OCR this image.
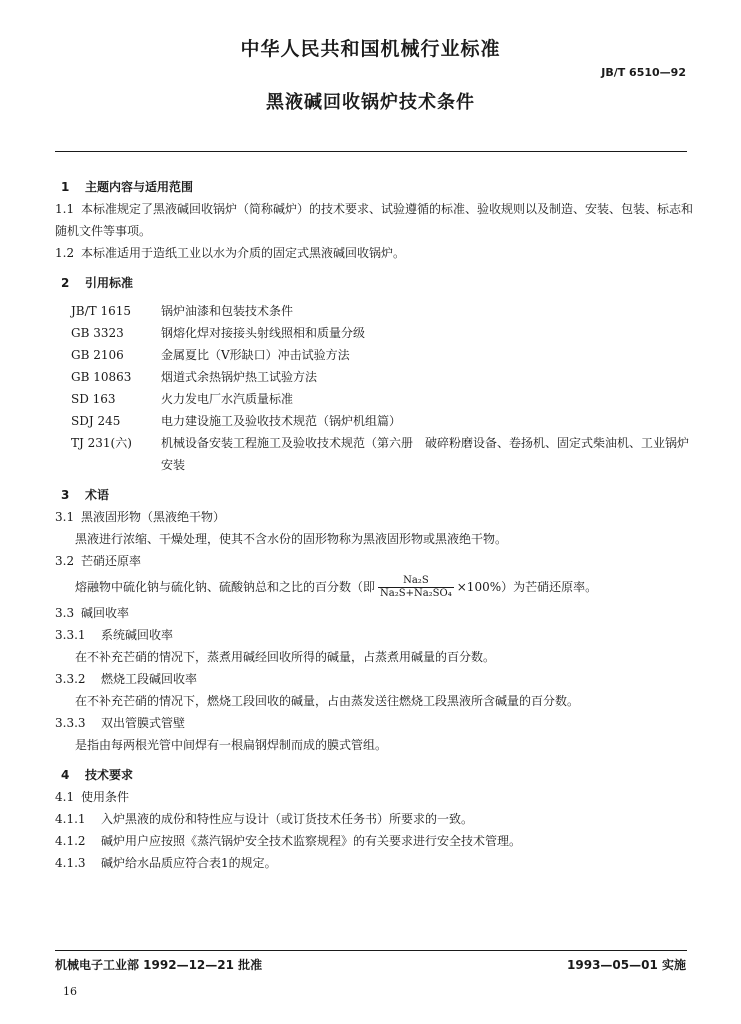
中华人民共和国机械行业标准
JB/T 6510—92
黑液碱回收锅炉技术条件
1 主题内容与适用范围

1.1 本标准规定了黑液碱回收锅炉（简称碱炉）的技术要求、试验遵循的标准、验收规则以及制造、安装、包装、标志和随机文件等事项。

1.2 本标准适用于造纸工业以水为介质的固定式黑液碱回收锅炉。

2 引用标准
JB/T 1615	锅炉油漆和包装技术条件
GB 3323	钢熔化焊对接接头射线照相和质量分级
GB 2106	金属夏比（V形缺口）冲击试验方法
GB 10863	烟道式余热锅炉热工试验方法
SD 163	火力发电厂水汽质量标准
SDJ 245	电力建设施工及验收技术规范（锅炉机组篇）
TJ 231(六)	机械设备安装工程施工及验收技术规范（第六册　破碎粉磨设备、卷扬机、固定式柴油机、工业锅炉安装
3 术语

3.1 黑液固形物（黑液绝干物）

黑液进行浓缩、干燥处理，使其不含水份的固形物称为黑液固形物或黑液绝干物。

3.2 芒硝还原率

熔融物中硫化钠与硫化钠、硫酸钠总和之比的百分数（即 $\frac{\text{Na₂S}}{\text{Na₂S+Na₂SO₄}} \times 100\%$）为芒硝还原率。

3.3 碱回收率

3.3.1	系统碱回收率

在不补充芒硝的情况下，蒸煮用碱经回收所得的碱量，占蒸煮用碱量的百分数。

3.3.2	燃烧工段碱回收率

在不补充芒硝的情况下，燃烧工段回收的碱量，占由蒸发送往燃烧工段黑液所含碱量的百分数。

3.3.3	双出管膜式管壁

是指由每两根光管中间焊有一根扁钢焊制而成的膜式管组。

4 技术要求

4.1 使用条件

4.1.1	入炉黑液的成份和特性应与设计（或订货技术任务书）所要求的一致。
4.1.2	碱炉用户应按照《蒸汽锅炉安全技术监察规程》的有关要求进行安全技术管理。
4.1.3	碱炉给水品质应符合表1的规定。
机械电子工业部 1992—12—21 批准	1993—05—01 实施
16
